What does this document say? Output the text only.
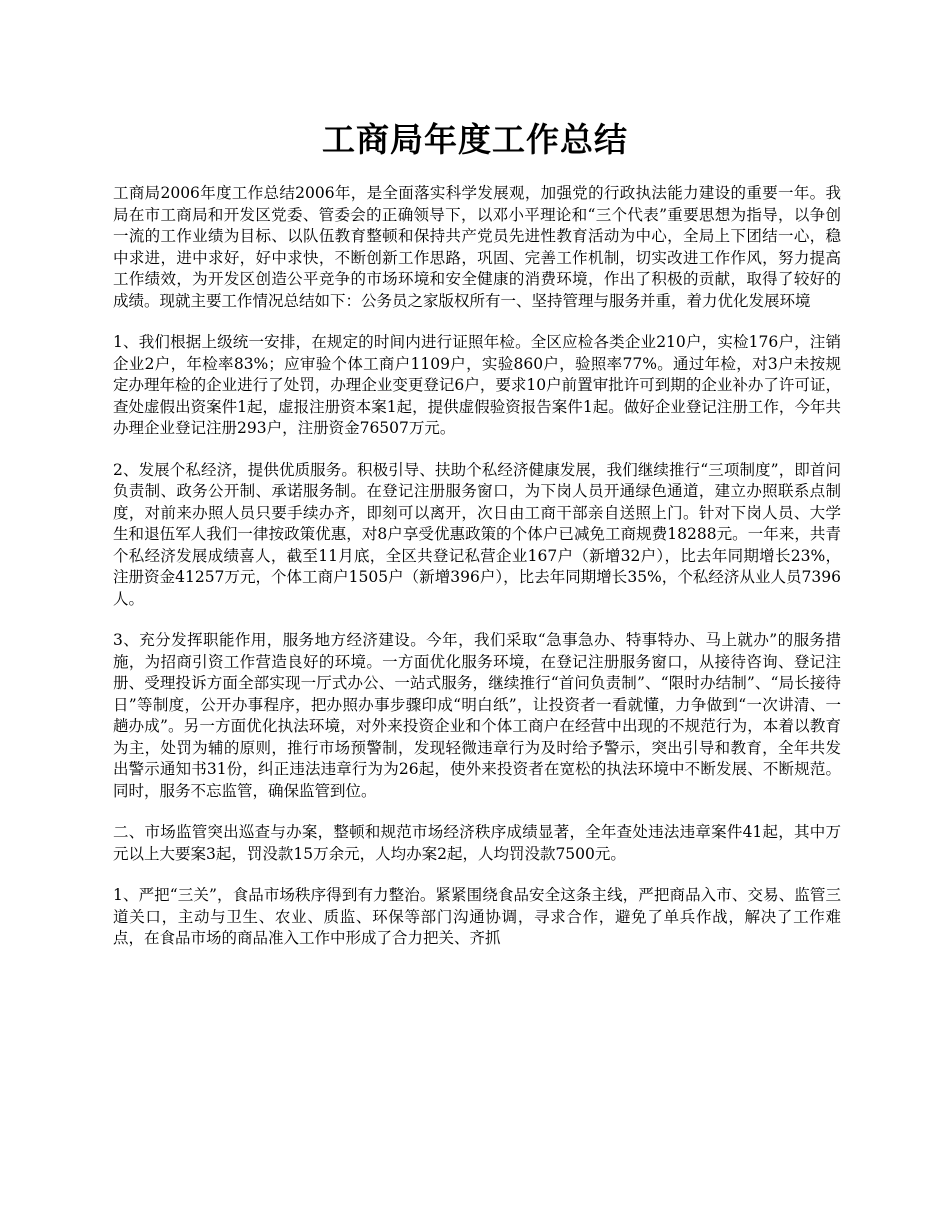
工商局年度工作总结

工商局2006年度工作总结2006年，是全面落实科学发展观，加强党的行政执法能力建设的重要一年。我局在市工商局和开发区党委、管委会的正确领导下，以邓小平理论和“三个代表”重要思想为指导，以争创一流的工作业绩为目标、以队伍教育整顿和保持共产党员先进性教育活动为中心，全局上下团结一心，稳中求进，进中求好，好中求快，不断创新工作思路，巩固、完善工作机制，切实改进工作作风，努力提高工作绩效，为开发区创造公平竞争的市场环境和安全健康的消费环境，作出了积极的贡献，取得了较好的成绩。现就主要工作情况总结如下：公务员之家版权所有一、坚持管理与服务并重，着力优化发展环境

1、我们根据上级统一安排，在规定的时间内进行证照年检。全区应检各类企业210户，实检176户，注销企业2户，年检率83%；应审验个体工商户1109户，实验860户，验照率77%。通过年检，对3户未按规定办理年检的企业进行了处罚，办理企业变更登记6户，要求10户前置审批许可到期的企业补办了许可证，查处虚假出资案件1起，虚报注册资本案1起，提供虚假验资报告案件1起。做好企业登记注册工作，今年共办理企业登记注册293户，注册资金76507万元。

2、发展个私经济，提供优质服务。积极引导、扶助个私经济健康发展，我们继续推行“三项制度”，即首问负责制、政务公开制、承诺服务制。在登记注册服务窗口，为下岗人员开通绿色通道，建立办照联系点制度，对前来办照人员只要手续办齐，即刻可以离开，次日由工商干部亲自送照上门。针对下岗人员、大学生和退伍军人我们一律按政策优惠，对8户享受优惠政策的个体户已减免工商规费18288元。一年来，共青个私经济发展成绩喜人，截至11月底，全区共登记私营企业167户（新增32户），比去年同期增长23%，注册资金41257万元，个体工商户1505户（新增396户），比去年同期增长35%，个私经济从业人员7396人。

3、充分发挥职能作用，服务地方经济建设。今年，我们采取“急事急办、特事特办、马上就办”的服务措施，为招商引资工作营造良好的环境。一方面优化服务环境，在登记注册服务窗口，从接待咨询、登记注册、受理投诉方面全部实现一厅式办公、一站式服务，继续推行“首问负责制”、“限时办结制”、“局长接待日”等制度，公开办事程序，把办照办事步骤印成“明白纸”，让投资者一看就懂，力争做到“一次讲清、一趟办成”。另一方面优化执法环境，对外来投资企业和个体工商户在经营中出现的不规范行为，本着以教育为主，处罚为辅的原则，推行市场预警制，发现轻微违章行为及时给予警示，突出引导和教育，全年共发出警示通知书31份，纠正违法违章行为为26起，使外来投资者在宽松的执法环境中不断发展、不断规范。同时，服务不忘监管，确保监管到位。

二、市场监管突出巡查与办案，整顿和规范市场经济秩序成绩显著，全年查处违法违章案件41起，其中万元以上大要案3起，罚没款15万余元，人均办案2起，人均罚没款7500元。

1、严把“三关”，食品市场秩序得到有力整治。紧紧围绕食品安全这条主线，严把商品入市、交易、监管三道关口，主动与卫生、农业、质监、环保等部门沟通协调，寻求合作，避免了单兵作战，解决了工作难点，在食品市场的商品准入工作中形成了合力把关、齐抓
